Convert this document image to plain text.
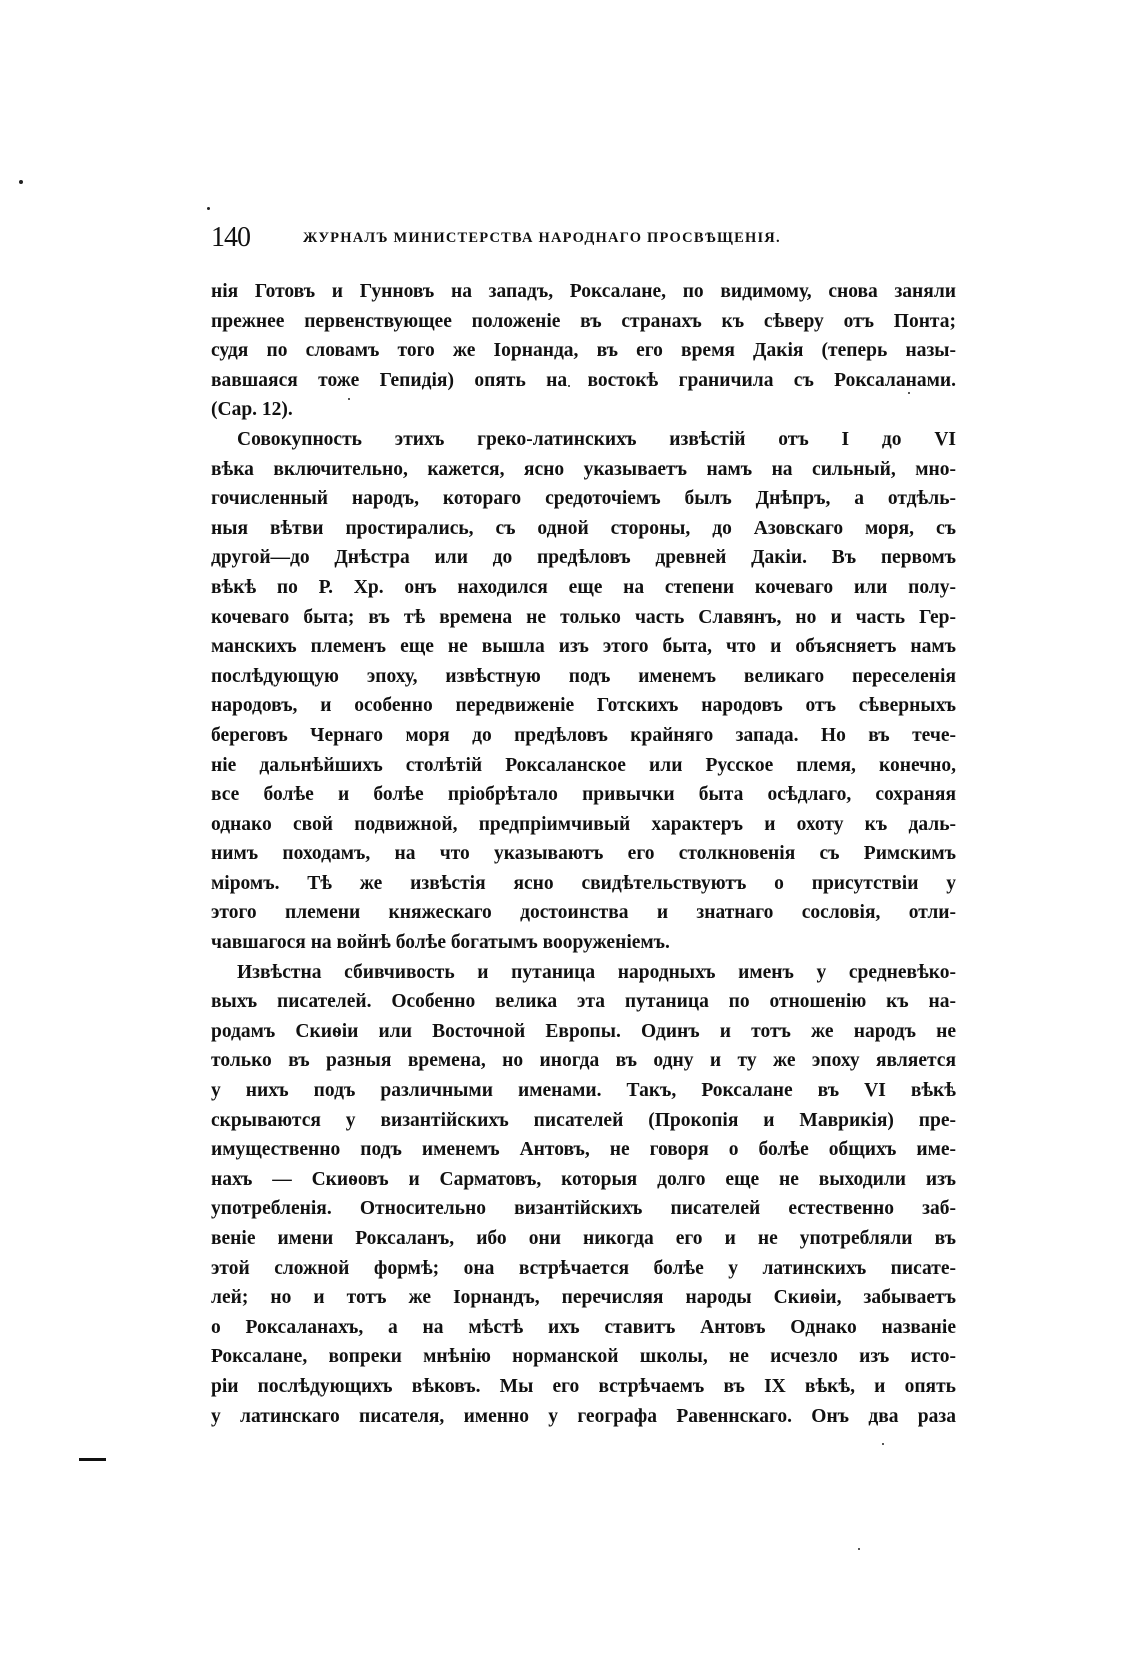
140	ЖУРНАЛЪ МИНИСТЕРСТВА НАРОДНАГО ПРОСВѢЩЕНІЯ.
нія Готовъ и Гунновъ на западъ, Роксалане, по видимому, снова заняли
прежнее первенствующее положеніе въ странахъ къ сѣверу отъ Понта;
судя по словамъ того же Іорнанда, въ его время Дакія (теперь назы-
вавшаяся тоже Гепидія) опять на востокѣ граничила съ Роксаланами.
(Cap. 12).
Совокупность этихъ греко-латинскихъ извѣстій отъ I до VI
вѣка включительно, кажется, ясно указываетъ намъ на сильный, мно-
гочисленный народъ, котораго средоточіемъ былъ Днѣпръ, а отдѣль-
ныя вѣтви простирались, съ одной стороны, до Азовскаго моря, съ
другой—до Днѣстра или до предѣловъ древней Дакіи. Въ первомъ
вѣкѣ по Р. Хр. онъ находился еще на степени кочеваго или полу-
кочеваго быта; въ тѣ времена не только часть Славянъ, но и часть Гер-
манскихъ племенъ еще не вышла изъ этого быта, что и объясняетъ намъ
послѣдующую эпоху, извѣстную подъ именемъ великаго переселенія
народовъ, и особенно передвиженіе Готскихъ народовъ отъ сѣверныхъ
береговъ Чернаго моря до предѣловъ крайняго запада. Но въ тече-
ніе дальнѣйшихъ столѣтій Роксаланское или Русское племя, конечно,
все болѣе и болѣе пріобрѣтало привычки быта осѣдлаго, сохраняя
однако свой подвижной, предпріимчивый характеръ и охоту къ даль-
нимъ походамъ, на что указываютъ его столкновенія съ Римскимъ
міромъ. Тѣ же извѣстія ясно свидѣтельствуютъ о присутствіи у
этого племени княжескаго достоинства и знатнаго сословія, отли-
чавшагося на войнѣ болѣе богатымъ вооруженіемъ.
Извѣстна сбивчивость и путаница народныхъ именъ у средневѣко-
выхъ писателей. Особенно велика эта путаница по отношенію къ на-
родамъ Скиѳіи или Восточной Европы. Одинъ и тотъ же народъ не
только въ разныя времена, но иногда въ одну и ту же эпоху является
у нихъ подъ различными именами. Такъ, Роксалане въ VI вѣкѣ
скрываются у византійскихъ писателей (Прокопія и Маврикія) пре-
имущественно подъ именемъ Антовъ, не говоря о болѣе общихъ име-
нахъ — Скиѳовъ и Сарматовъ, которыя долго еще не выходили изъ
употребленія. Относительно византійскихъ писателей естественно заб-
веніе имени Роксаланъ, ибо они никогда его и не употребляли въ
этой сложной формѣ; она встрѣчается болѣе у латинскихъ писате-
лей; но и тотъ же Іорнандъ, перечисляя народы Скиѳіи, забываетъ
о Роксаланахъ, а на мѣстѣ ихъ ставитъ Антовъ Однако названіе
Роксалане, вопреки мнѣнію норманской школы, не исчезло изъ исто-
ріи послѣдующихъ вѣковъ. Мы его встрѣчаемъ въ IX вѣкѣ, и опять
у латинскаго писателя, именно у географа Равеннскаго. Онъ два раза
